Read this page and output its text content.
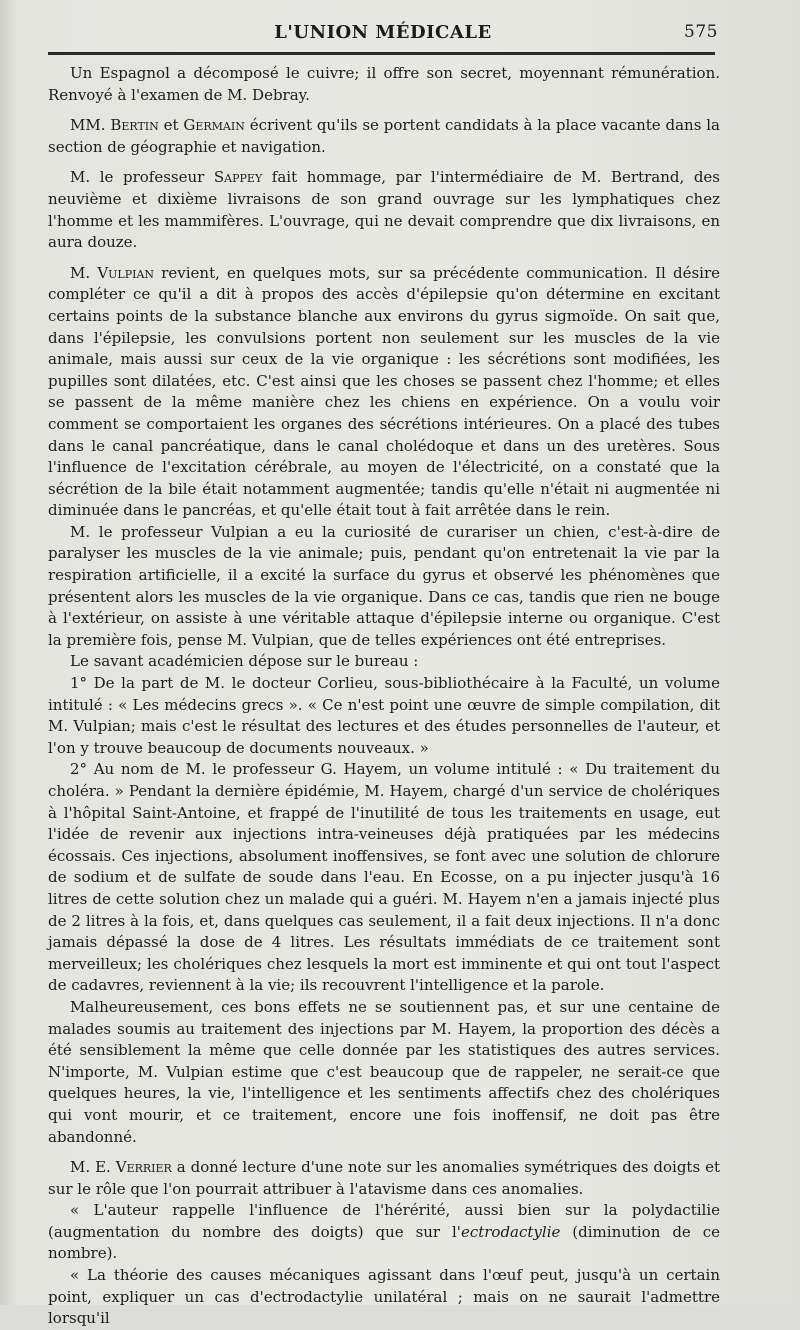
L'UNION MÉDICALE	575

Un Espagnol a décomposé le cuivre; il offre son secret, moyennant rémunération. Renvoyé à l'examen de M. Debray.

MM. Bertin et Germain écrivent qu'ils se portent candidats à la place vacante dans la section de géographie et navigation.

M. le professeur Sappey fait hommage, par l'intermédiaire de M. Bertrand, des neuvième et dixième livraisons de son grand ouvrage sur les lymphatiques chez l'homme et les mammifères. L'ouvrage, qui ne devait comprendre que dix livraisons, en aura douze.

M. Vulpian revient, en quelques mots, sur sa précédente communication. Il désire compléter ce qu'il a dit à propos des accès d'épilepsie qu'on détermine en excitant certains points de la substance blanche aux environs du gyrus sigmoïde. On sait que, dans l'épilepsie, les convulsions portent non seulement sur les muscles de la vie animale, mais aussi sur ceux de la vie organique : les sécrétions sont modifiées, les pupilles sont dilatées, etc. C'est ainsi que les choses se passent chez l'homme; et elles se passent de la même manière chez les chiens en expérience. On a voulu voir comment se comportaient les organes des sécrétions intérieures. On a placé des tubes dans le canal pancréatique, dans le canal cholédoque et dans un des uretères. Sous l'influence de l'excitation cérébrale, au moyen de l'électricité, on a constaté que la sécrétion de la bile était notamment augmentée; tandis qu'elle n'était ni augmentée ni diminuée dans le pancréas, et qu'elle était tout à fait arrêtée dans le rein.

M. le professeur Vulpian a eu la curiosité de curariser un chien, c'est-à-dire de paralyser les muscles de la vie animale; puis, pendant qu'on entretenait la vie par la respiration artificielle, il a excité la surface du gyrus et observé les phénomènes que présentent alors les muscles de la vie organique. Dans ce cas, tandis que rien ne bouge à l'extérieur, on assiste à une véritable attaque d'épilepsie interne ou organique. C'est la première fois, pense M. Vulpian, que de telles expériences ont été entreprises.

Le savant académicien dépose sur le bureau :

1° De la part de M. le docteur Corlieu, sous-bibliothécaire à la Faculté, un volume intitulé : « Les médecins grecs ». « Ce n'est point une œuvre de simple compilation, dit M. Vulpian; mais c'est le résultat des lectures et des études personnelles de l'auteur, et l'on y trouve beaucoup de documents nouveaux. »

2° Au nom de M. le professeur G. Hayem, un volume intitulé : « Du traitement du choléra. » Pendant la dernière épidémie, M. Hayem, chargé d'un service de cholériques à l'hôpital Saint-Antoine, et frappé de l'inutilité de tous les traitements en usage, eut l'idée de revenir aux injections intra-veineuses déjà pratiquées par les médecins écossais. Ces injections, absolument inoffensives, se font avec une solution de chlorure de sodium et de sulfate de soude dans l'eau. En Ecosse, on a pu injecter jusqu'à 16 litres de cette solution chez un malade qui a guéri. M. Hayem n'en a jamais injecté plus de 2 litres à la fois, et, dans quelques cas seulement, il a fait deux injections. Il n'a donc jamais dépassé la dose de 4 litres. Les résultats immédiats de ce traitement sont merveilleux; les cholériques chez lesquels la mort est imminente et qui ont tout l'aspect de cadavres, reviennent à la vie; ils recouvrent l'intelligence et la parole.

Malheureusement, ces bons effets ne se soutiennent pas, et sur une centaine de malades soumis au traitement des injections par M. Hayem, la proportion des décès a été sensiblement la même que celle donnée par les statistiques des autres services. N'importe, M. Vulpian estime que c'est beaucoup que de rappeler, ne serait-ce que quelques heures, la vie, l'intelligence et les sentiments affectifs chez des cholériques qui vont mourir, et ce traitement, encore une fois inoffensif, ne doit pas être abandonné.

M. E. Verrier a donné lecture d'une note sur les anomalies symétriques des doigts et sur le rôle que l'on pourrait attribuer à l'atavisme dans ces anomalies.

« L'auteur rappelle l'influence de l'hérérité, aussi bien sur la polydactilie (augmentation du nombre des doigts) que sur l'ectrodactylie (diminution de ce nombre).

« La théorie des causes mécaniques agissant dans l'œuf peut, jusqu'à un certain point, expliquer un cas d'ectrodactylie unilatéral ; mais on ne saurait l'admettre lorsqu'il
